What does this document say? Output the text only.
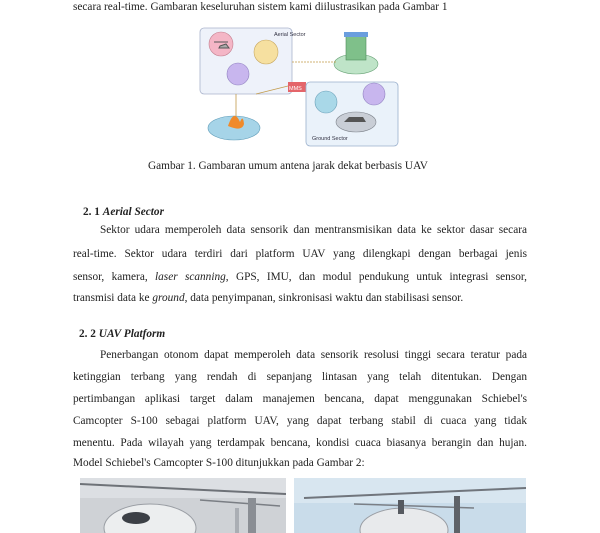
secara real-time. Gambaran keseluruhan sistem kami diilustrasikan pada Gambar 1
Aerial Sector
MMS
Ground Sector
Gambar 1. Gambaran umum antena jarak dekat berbasis UAV
2. 1 Aerial Sector
Sektor udara memperoleh data sensorik dan mentransmisikan data ke sektor dasar secara
real-time. Sektor udara terdiri dari platform UAV yang dilengkapi dengan berbagai jenis
sensor, kamera, laser scanning, GPS, IMU, dan modul pendukung untuk integrasi sensor,
transmisi data ke ground, data penyimpanan, sinkronisasi waktu dan stabilisasi sensor.
2. 2 UAV Platform
Penerbangan otonom dapat memperoleh data sensorik resolusi tinggi secara teratur pada
ketinggian terbang yang rendah di sepanjang lintasan yang telah ditentukan. Dengan
pertimbangan aplikasi target dalam manajemen bencana, dapat menggunakan Schiebel's
Camcopter S-100 sebagai platform UAV, yang dapat terbang stabil di cuaca yang tidak
menentu. Pada wilayah yang terdampak bencana, kondisi cuaca biasanya berangin dan hujan.
Model Schiebel's Camcopter S-100 ditunjukkan pada Gambar 2:
